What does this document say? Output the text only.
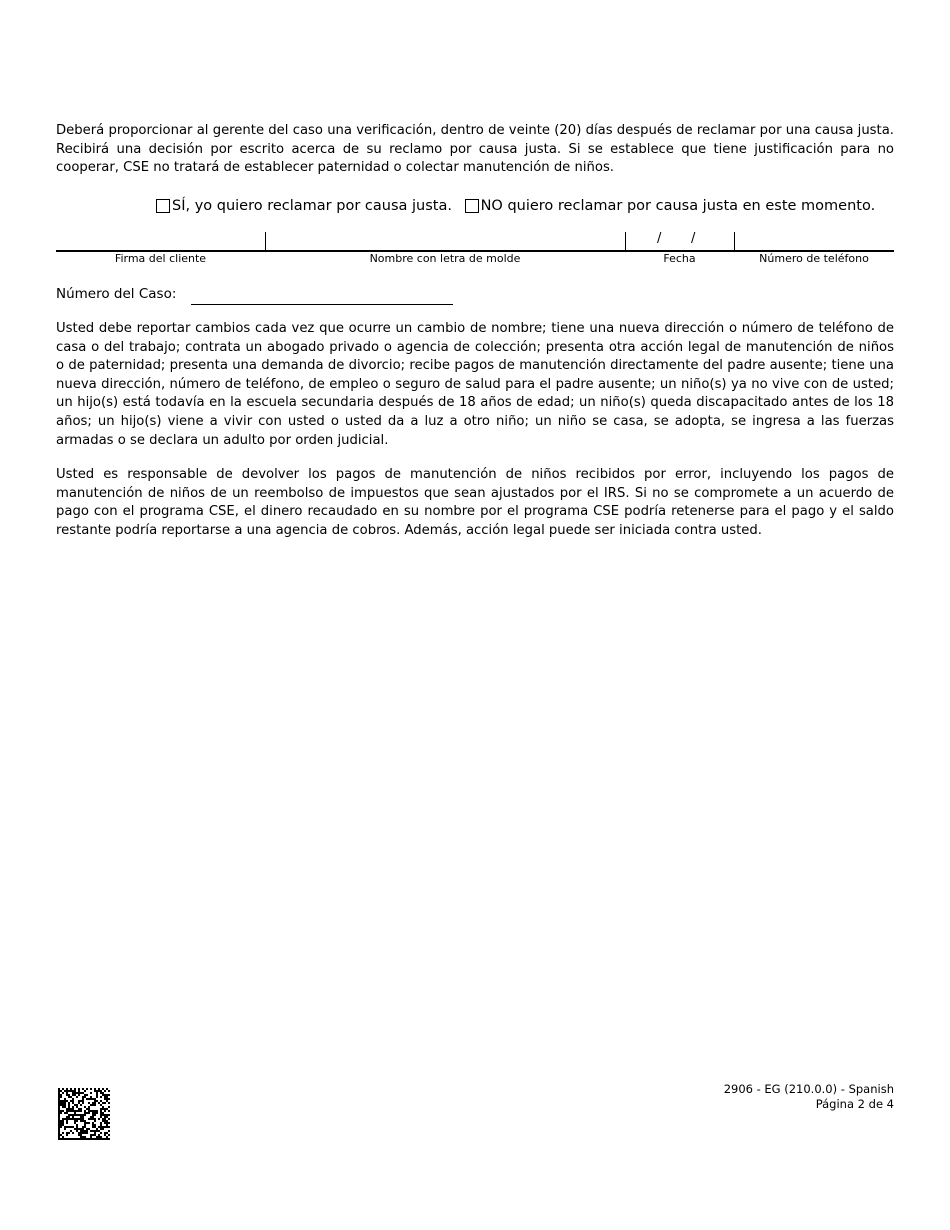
Deberá proporcionar al gerente del caso una verificación, dentro de veinte (20) días después de reclamar por una causa justa. Recibirá una decisión por escrito acerca de su reclamo por causa justa. Si se establece que tiene justificación para no cooperar, CSE no tratará de establecer paternidad o colectar manutención de niños.

SÍ, yo quiero reclamar por causa justa.
NO quiero reclamar por causa justa en este momento.
/ /
Firma del cliente	Nombre con letra de molde	Fecha	Número de teléfono
Número del Caso:

Usted debe reportar cambios cada vez que ocurre un cambio de nombre; tiene una nueva dirección o número de teléfono de casa o del trabajo; contrata un abogado privado o agencia de colección; presenta otra acción legal de manutención de niños o de paternidad; presenta una demanda de divorcio; recibe pagos de manutención directamente del padre ausente; tiene una nueva dirección, número de teléfono, de empleo o seguro de salud para el padre ausente; un niño(s) ya no vive con de usted; un hijo(s) está todavía en la escuela secundaria después de 18 años de edad; un niño(s) queda discapacitado antes de los 18 años; un hijo(s) viene a vivir con usted o usted da a luz a otro niño; un niño se casa, se adopta, se ingresa a las fuerzas armadas o se declara un adulto por orden judicial.

Usted es responsable de devolver los pagos de manutención de niños recibidos por error, incluyendo los pagos de manutención de niños de un reembolso de impuestos que sean ajustados por el IRS. Si no se compromete a un acuerdo de pago con el programa CSE, el dinero recaudado en su nombre por el programa CSE podría retenerse para el pago y el saldo restante podría reportarse a una agencia de cobros. Además, acción legal puede ser iniciada contra usted.

2906 - EG (210.0.0) - Spanish
Página 2 de 4
